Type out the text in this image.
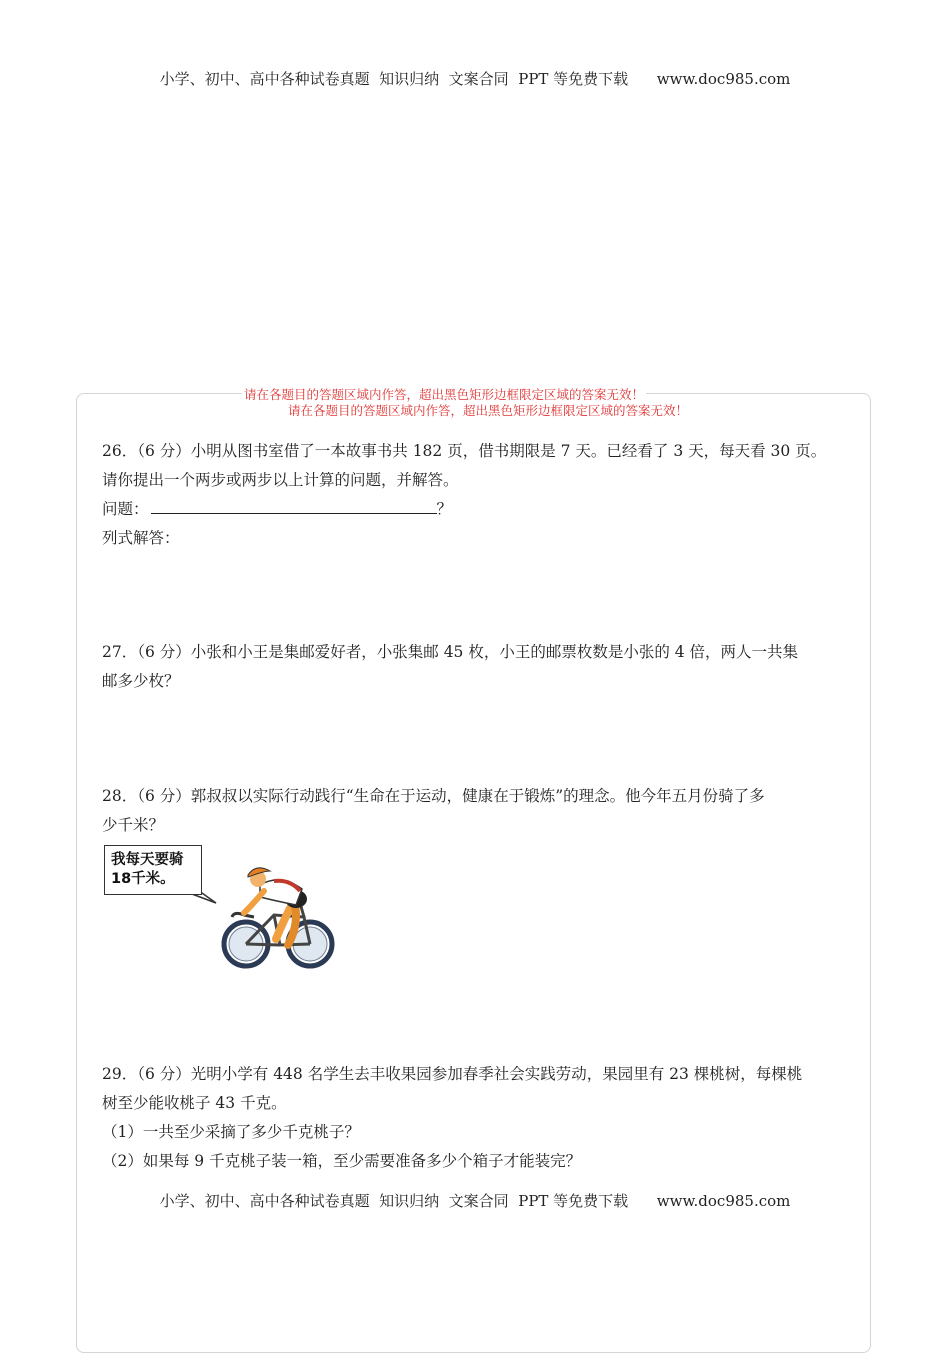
小学、初中、高中各种试卷真题  知识归纳  文案合同  PPT 等免费下载      www.doc985.com
请在各题目的答题区域内作答，超出黑色矩形边框限定区域的答案无效！
请在各题目的答题区域内作答，超出黑色矩形边框限定区域的答案无效！

26．（6 分）小明从图书室借了一本故事书共 182 页，借书期限是 7 天。已经看了 3 天，每天看 30 页。

请你提出一个两步或两步以上计算的问题，并解答。

问题：	？

列式解答：

27．（6 分）小张和小王是集邮爱好者，小张集邮 45 枚，小王的邮票枚数是小张的 4 倍，两人一共集

邮多少枚？

28．（6 分）郭叔叔以实际行动践行“生命在于运动，健康在于锻炼”的理念。他今年五月份骑了多

少千米？

我每天要骑
18千米。

29．（6 分）光明小学有 448 名学生去丰收果园参加春季社会实践劳动，果园里有 23 棵桃树，每棵桃

树至少能收桃子 43 千克。

（1）一共至少采摘了多少千克桃子？

（2）如果每 9 千克桃子装一箱，至少需要准备多少个箱子才能装完？

小学、初中、高中各种试卷真题  知识归纳  文案合同  PPT 等免费下载      www.doc985.com
